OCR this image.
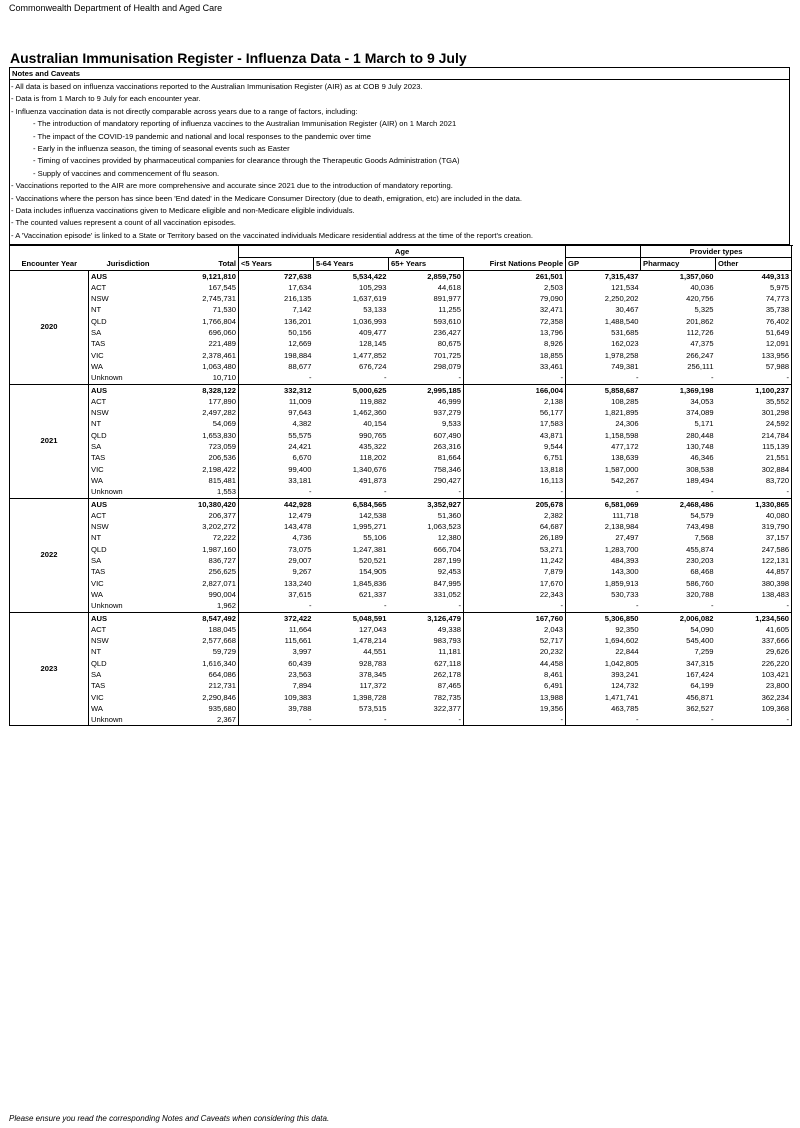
Commonwealth Department of Health and Aged Care
Australian Immunisation Register - Influenza Data - 1 March to 9 July
Notes and Caveats
- All data is based on influenza vaccinations reported to the Australian Immunisation Register (AIR) as at COB 9 July 2023.
- Data is from 1 March to 9 July for each encounter year.
- Influenza vaccination data is not directly comparable across years due to a range of factors, including:
- The introduction of mandatory reporting of influenza vaccines to the Australian Immunisation Register (AIR) on 1 March 2021
- The impact of the COVID-19 pandemic and national and local responses to the pandemic over time
- Early in the influenza season, the timing of seasonal events such as Easter
- Timing of vaccines provided by pharmaceutical companies for clearance through the Therapeutic Goods Administration (TGA)
- Supply of vaccines and commencement of flu season.
- Vaccinations reported to the AIR are more comprehensive and accurate since 2021 due to the introduction of mandatory reporting.
- Vaccinations where the person has since been 'End dated' in the Medicare Consumer Directory (due to death, emigration, etc) are included in the data.
- Data includes influenza vaccinations given to Medicare eligible and non-Medicare eligible individuals.
- The counted values represent a count of all vaccination episodes.
- A 'Vaccination episode' is linked to a State or Territory based on the vaccinated individuals Medicare residential address at the time of the report's creation.
			Age					Provider types	
Encounter Year	Jurisdiction	Total	<5 Years	5-64 Years	65+ Years	First Nations People	GP	Pharmacy	Other
2020	AUS	9,121,810	727,638	5,534,422	2,859,750	261,501	7,315,437	1,357,060	449,313
	ACT	167,545	17,634	105,293	44,618	2,503	121,534	40,036	5,975
	NSW	2,745,731	216,135	1,637,619	891,977	79,090	2,250,202	420,756	74,773
	NT	71,530	7,142	53,133	11,255	32,471	30,467	5,325	35,738
	QLD	1,766,804	136,201	1,036,993	593,610	72,358	1,488,540	201,862	76,402
	SA	696,060	50,156	409,477	236,427	13,796	531,685	112,726	51,649
	TAS	221,489	12,669	128,145	80,675	8,926	162,023	47,375	12,091
	VIC	2,378,461	198,884	1,477,852	701,725	18,855	1,978,258	266,247	133,956
	WA	1,063,480	88,677	676,724	298,079	33,461	749,381	256,111	57,988
	Unknown	10,710	-	-	-	-	-	-	-
2021	AUS	8,328,122	332,312	5,000,625	2,995,185	166,004	5,858,687	1,369,198	1,100,237
	ACT	177,890	11,009	119,882	46,999	2,138	108,285	34,053	35,552
	NSW	2,497,282	97,643	1,462,360	937,279	56,177	1,821,895	374,089	301,298
	NT	54,069	4,382	40,154	9,533	17,583	24,306	5,171	24,592
	QLD	1,653,830	55,575	990,765	607,490	43,871	1,158,598	280,448	214,784
	SA	723,059	24,421	435,322	263,316	9,544	477,172	130,748	115,139
	TAS	206,536	6,670	118,202	81,664	6,751	138,639	46,346	21,551
	VIC	2,198,422	99,400	1,340,676	758,346	13,818	1,587,000	308,538	302,884
	WA	815,481	33,181	491,873	290,427	16,113	542,267	189,494	83,720
	Unknown	1,553	-	-	-	-	-	-	-
2022	AUS	10,380,420	442,928	6,584,565	3,352,927	205,678	6,581,069	2,468,486	1,330,865
	ACT	206,377	12,479	142,538	51,360	2,382	111,718	54,579	40,080
	NSW	3,202,272	143,478	1,995,271	1,063,523	64,687	2,138,984	743,498	319,790
	NT	72,222	4,736	55,106	12,380	26,189	27,497	7,568	37,157
	QLD	1,987,160	73,075	1,247,381	666,704	53,271	1,283,700	455,874	247,586
	SA	836,727	29,007	520,521	287,199	11,242	484,393	230,203	122,131
	TAS	256,625	9,267	154,905	92,453	7,879	143,300	68,468	44,857
	VIC	2,827,071	133,240	1,845,836	847,995	17,670	1,859,913	586,760	380,398
	WA	990,004	37,615	621,337	331,052	22,343	530,733	320,788	138,483
	Unknown	1,962	-	-	-	-	-	-	-
2023	AUS	8,547,492	372,422	5,048,591	3,126,479	167,760	5,306,850	2,006,082	1,234,560
	ACT	188,045	11,664	127,043	49,338	2,043	92,350	54,090	41,605
	NSW	2,577,668	115,661	1,478,214	983,793	52,717	1,694,602	545,400	337,666
	NT	59,729	3,997	44,551	11,181	20,232	22,844	7,259	29,626
	QLD	1,616,340	60,439	928,783	627,118	44,458	1,042,805	347,315	226,220
	SA	664,086	23,563	378,345	262,178	8,461	393,241	167,424	103,421
	TAS	212,731	7,894	117,372	87,465	6,491	124,732	64,199	23,800
	VIC	2,290,846	109,383	1,398,728	782,735	13,988	1,471,741	456,871	362,234
	WA	935,680	39,788	573,515	322,377	19,356	463,785	362,527	109,368
	Unknown	2,367	-	-	-	-	-	-	-
Please ensure you read the corresponding Notes and Caveats when considering this data.
